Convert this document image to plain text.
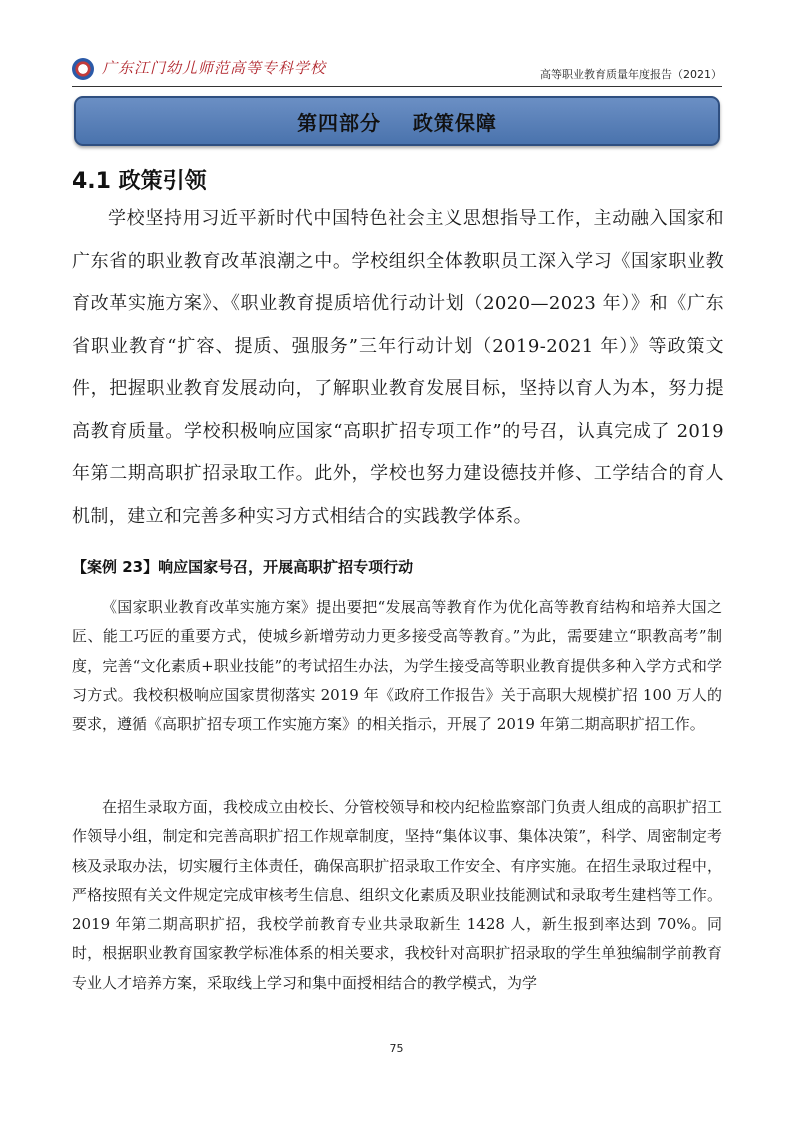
广东江门幼儿师范高等专科学校	高等职业教育质量年度报告（2021）
第四部分    政策保障
4.1 政策引领
学校坚持用习近平新时代中国特色社会主义思想指导工作，主动融入国家和广东省的职业教育改革浪潮之中。学校组织全体教职员工深入学习《国家职业教育改革实施方案》、《职业教育提质培优行动计划（2020—2023 年）》和《广东省职业教育“扩容、提质、强服务”三年行动计划（2019-2021 年）》等政策文件，把握职业教育发展动向，了解职业教育发展目标，坚持以育人为本，努力提高教育质量。学校积极响应国家“高职扩招专项工作”的号召，认真完成了 2019 年第二期高职扩招录取工作。此外，学校也努力建设德技并修、工学结合的育人机制，建立和完善多种实习方式相结合的实践教学体系。
【案例 23】响应国家号召，开展高职扩招专项行动
《国家职业教育改革实施方案》提出要把“发展高等教育作为优化高等教育结构和培养大国之匠、能工巧匠的重要方式，使城乡新增劳动力更多接受高等教育。”为此，需要建立“职教高考”制度，完善“文化素质+职业技能”的考试招生办法，为学生接受高等职业教育提供多种入学方式和学习方式。我校积极响应国家贯彻落实 2019 年《政府工作报告》关于高职大规模扩招 100 万人的要求，遵循《高职扩招专项工作实施方案》的相关指示，开展了 2019 年第二期高职扩招工作。
在招生录取方面，我校成立由校长、分管校领导和校内纪检监察部门负责人组成的高职扩招工作领导小组，制定和完善高职扩招工作规章制度，坚持“集体议事、集体决策”，科学、周密制定考核及录取办法，切实履行主体责任，确保高职扩招录取工作安全、有序实施。在招生录取过程中，严格按照有关文件规定完成审核考生信息、组织文化素质及职业技能测试和录取考生建档等工作。2019 年第二期高职扩招，我校学前教育专业共录取新生 1428 人，新生报到率达到 70%。同时，根据职业教育国家教学标准体系的相关要求，我校针对高职扩招录取的学生单独编制学前教育专业人才培养方案，采取线上学习和集中面授相结合的教学模式，为学
75
